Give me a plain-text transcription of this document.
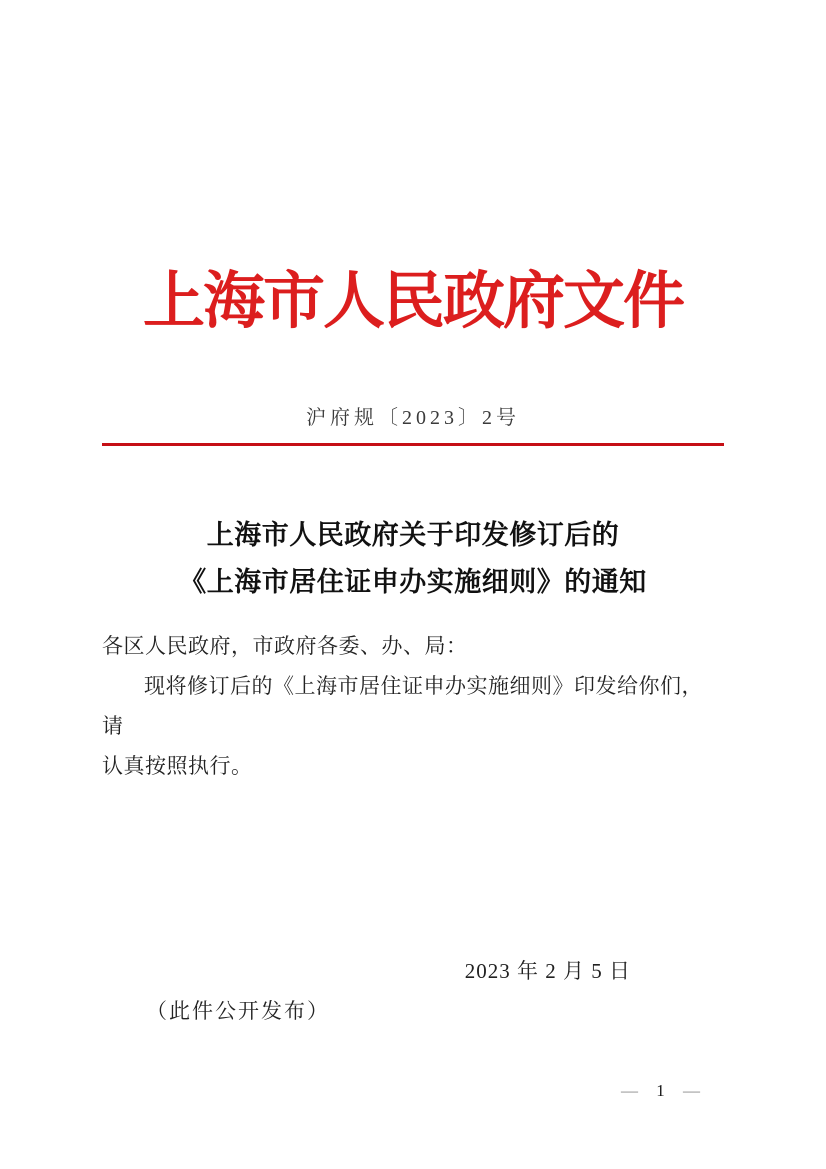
上海市人民政府文件
沪府规〔2023〕2号
上海市人民政府关于印发修订后的
《上海市居住证申办实施细则》的通知

各区人民政府，市政府各委、办、局：

现将修订后的《上海市居住证申办实施细则》印发给你们，请

认真按照执行。

2023 年 2 月 5 日
（此件公开发布）
— 1 —
